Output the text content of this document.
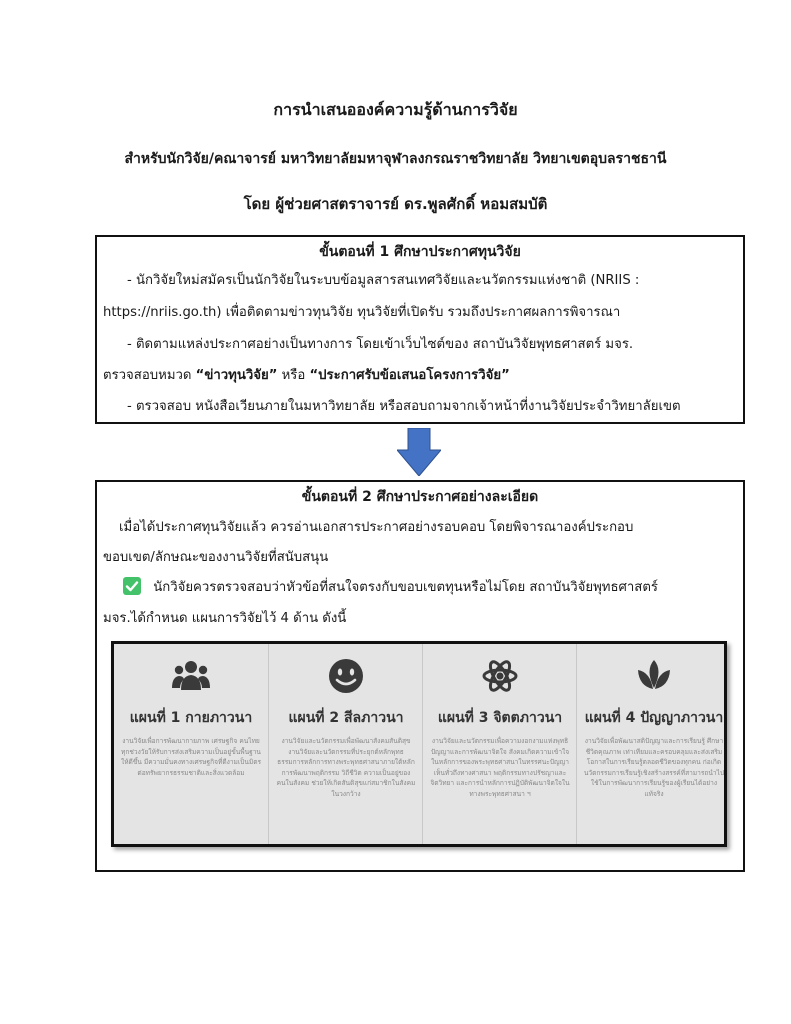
การนำเสนอองค์ความรู้ด้านการวิจัย
สำหรับนักวิจัย/คณาจารย์ มหาวิทยาลัยมหาจุฬาลงกรณราชวิทยาลัย วิทยาเขตอุบลราชธานี
โดย ผู้ช่วยศาสตราจารย์ ดร.พูลศักดิ์ หอมสมบัติ
ขั้นตอนที่ 1 ศึกษาประกาศทุนวิจัย
- นักวิจัยใหม่สมัครเป็นนักวิจัยในระบบข้อมูลสารสนเทศวิจัยและนวัตกรรมแห่งชาติ (NRIIS :
https://nriis.go.th) เพื่อติดตามข่าวทุนวิจัย ทุนวิจัยที่เปิดรับ รวมถึงประกาศผลการพิจารณา
- ติดตามแหล่งประกาศอย่างเป็นทางการ โดยเข้าเว็บไซต์ของ สถาบันวิจัยพุทธศาสตร์ มจร.
ตรวจสอบหมวด “ข่าวทุนวิจัย” หรือ “ประกาศรับข้อเสนอโครงการวิจัย”
- ตรวจสอบ หนังสือเวียนภายในมหาวิทยาลัย หรือสอบถามจากเจ้าหน้าที่งานวิจัยประจำวิทยาลัยเขต
ขั้นตอนที่ 2 ศึกษาประกาศอย่างละเอียด
เมื่อได้ประกาศทุนวิจัยแล้ว ควรอ่านเอกสารประกาศอย่างรอบคอบ โดยพิจารณาองค์ประกอบ
ขอบเขต/ลักษณะของงานวิจัยที่สนับสนุน
นักวิจัยควรตรวจสอบว่าหัวข้อที่สนใจตรงกับขอบเขตทุนหรือไม่โดย สถาบันวิจัยพุทธศาสตร์
มจร.ได้กำหนด แผนการวิจัยไว้ 4 ด้าน ดังนี้
แผนที่ 1 กายภาวนา
งานวิจัยเพื่อการพัฒนากายภาพ เศรษฐกิจ คนไทยทุกช่วงวัยให้รับการส่งเสริมความเป็นอยู่ขั้นพื้นฐานให้ดีขึ้น มีความมั่นคงทางเศรษฐกิจที่ดีงามเป็นมิตรต่อทรัพยากรธรรมชาติและสิ่งแวดล้อม
แผนที่ 2 สีลภาวนา
งานวิจัยและนวัตกรรมเพื่อพัฒนาสังคมสันติสุข งานวิจัยและนวัตกรรมที่ประยุกต์หลักพุทธธรรมการหลักการทางพระพุทธศาสนาภายใต้หลักการพัฒนาพฤติกรรม วิถีชีวิต ความเป็นอยู่ของคนในสังคม ช่วยให้เกิดสันติสุขแก่สมาชิกในสังคมในวงกว้าง
แผนที่ 3 จิตตภาวนา
งานวิจัยและนวัตกรรมเพื่อความงอกงามแห่งพุทธิปัญญาและการพัฒนาจิตใจ สังคมเกิดความเข้าใจในหลักการของพระพุทธศาสนาในทรรศนะปัญญาเห็นทั่วถึงทางศาสนา พฤติกรรมทางปรัชญาและจิตวิทยา และการนำหลักการปฏิบัติพัฒนาจิตใจในทางพระพุทธศาสนา ฯ
แผนที่ 4 ปัญญาภาวนา
งานวิจัยเพื่อพัฒนาสติปัญญาและการเรียนรู้ ศึกษาชีวิตคุณภาพ เท่าเทียมและครอบคลุมและส่งเสริมโอกาสในการเรียนรู้ตลอดชีวิตของทุกคน ก่อเกิดนวัตกรรมการเรียนรู้เชิงสร้างสรรค์ที่สามารถนำไปใช้ในการพัฒนาการเรียนรู้ของผู้เรียนได้อย่างแท้จริง
